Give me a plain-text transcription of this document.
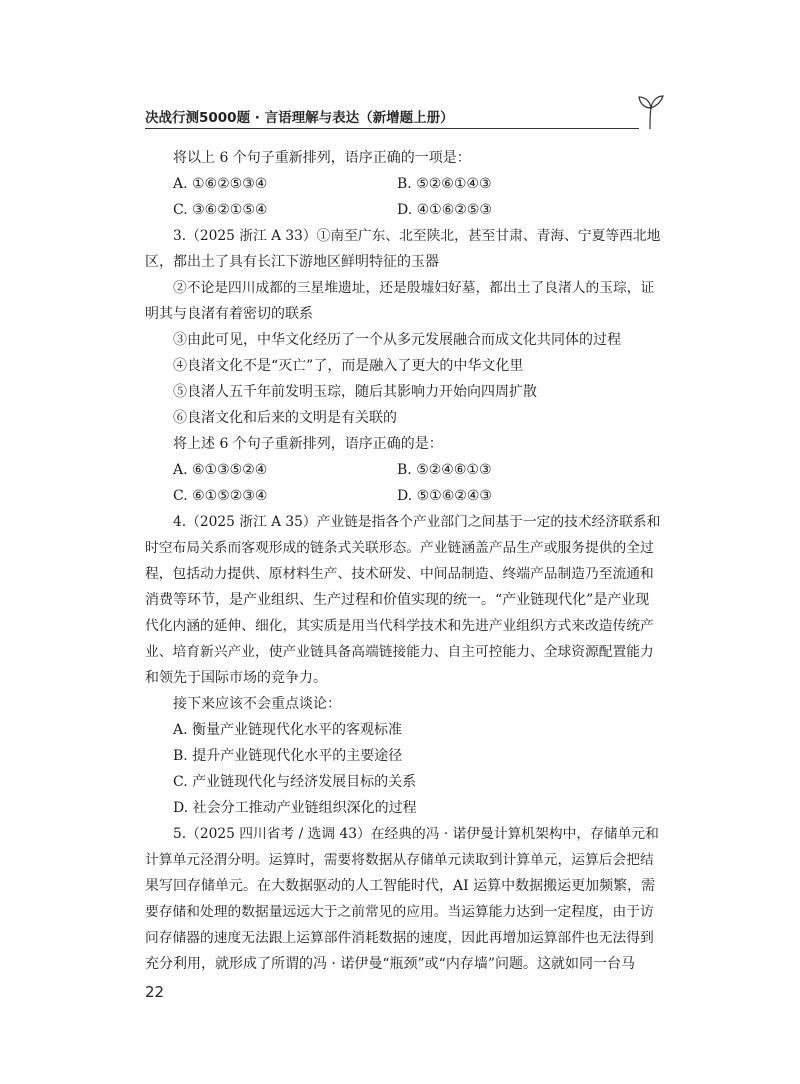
决战行测5000题 · 言语理解与表达（新增题上册）

将以上 6 个句子重新排列，语序正确的一项是：

A. ①⑥②⑤③④	B. ⑤②⑥①④③
C. ③⑥②①⑤④	D. ④①⑥②⑤③

3.（2025 浙江 A 33）①南至广东、北至陕北，甚至甘肃、青海、宁夏等西北地

区，都出土了具有长江下游地区鲜明特征的玉器

②不论是四川成都的三星堆遗址，还是殷墟妇好墓，都出土了良渚人的玉琮，证

明其与良渚有着密切的联系

③由此可见，中华文化经历了一个从多元发展融合而成文化共同体的过程

④良渚文化不是“灭亡”了，而是融入了更大的中华文化里

⑤良渚人五千年前发明玉琮，随后其影响力开始向四周扩散

⑥良渚文化和后来的文明是有关联的

将上述 6 个句子重新排列，语序正确的是：

A. ⑥①③⑤②④	B. ⑤②④⑥①③
C. ⑥①⑤②③④	D. ⑤①⑥②④③

4.（2025 浙江 A 35）产业链是指各个产业部门之间基于一定的技术经济联系和

时空布局关系而客观形成的链条式关联形态。产业链涵盖产品生产或服务提供的全过

程，包括动力提供、原材料生产、技术研发、中间品制造、终端产品制造乃至流通和

消费等环节，是产业组织、生产过程和价值实现的统一。“产业链现代化”是产业现

代化内涵的延伸、细化，其实质是用当代科学技术和先进产业组织方式来改造传统产

业、培育新兴产业，使产业链具备高端链接能力、自主可控能力、全球资源配置能力

和领先于国际市场的竞争力。

接下来应该不会重点谈论：

A. 衡量产业链现代化水平的客观标准

B. 提升产业链现代化水平的主要途径

C. 产业链现代化与经济发展目标的关系

D. 社会分工推动产业链组织深化的过程

5.（2025 四川省考 / 选调 43）在经典的冯 · 诺伊曼计算机架构中，存储单元和

计算单元泾渭分明。运算时，需要将数据从存储单元读取到计算单元，运算后会把结

果写回存储单元。在大数据驱动的人工智能时代，AI 运算中数据搬运更加频繁，需

要存储和处理的数据量远远大于之前常见的应用。当运算能力达到一定程度，由于访

问存储器的速度无法跟上运算部件消耗数据的速度，因此再增加运算部件也无法得到

充分利用，就形成了所谓的冯 · 诺伊曼“瓶颈”或“内存墙”问题。这就如同一台马

22
